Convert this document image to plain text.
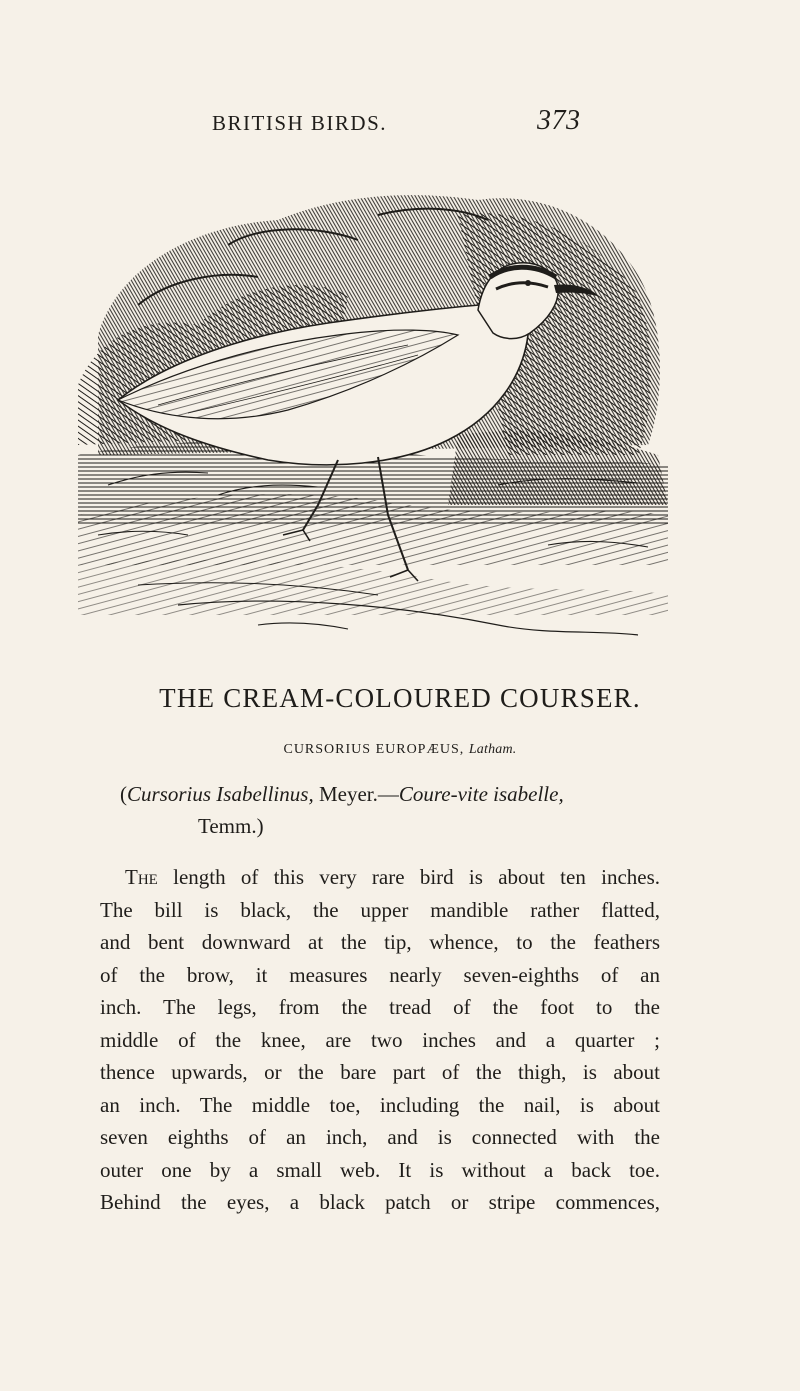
BRITISH BIRDS.	373
THE CREAM-COLOURED COURSER.
CURSORIUS EUROPÆUS, Latham.
(Cursorius Isabellinus, Meyer.—Coure-vite isabelle,
Temm.)
The length of this very rare bird is about ten inches.
The bill is black, the upper mandible rather flatted,
and bent downward at the tip, whence, to the feathers
of the brow, it measures nearly seven-eighths of an
inch. The legs, from the tread of the foot to the
middle of the knee, are two inches and a quarter ;
thence upwards, or the bare part of the thigh, is about
an inch. The middle toe, including the nail, is about
seven eighths of an inch, and is connected with the
outer one by a small web. It is without a back toe.
Behind the eyes, a black patch or stripe commences,
